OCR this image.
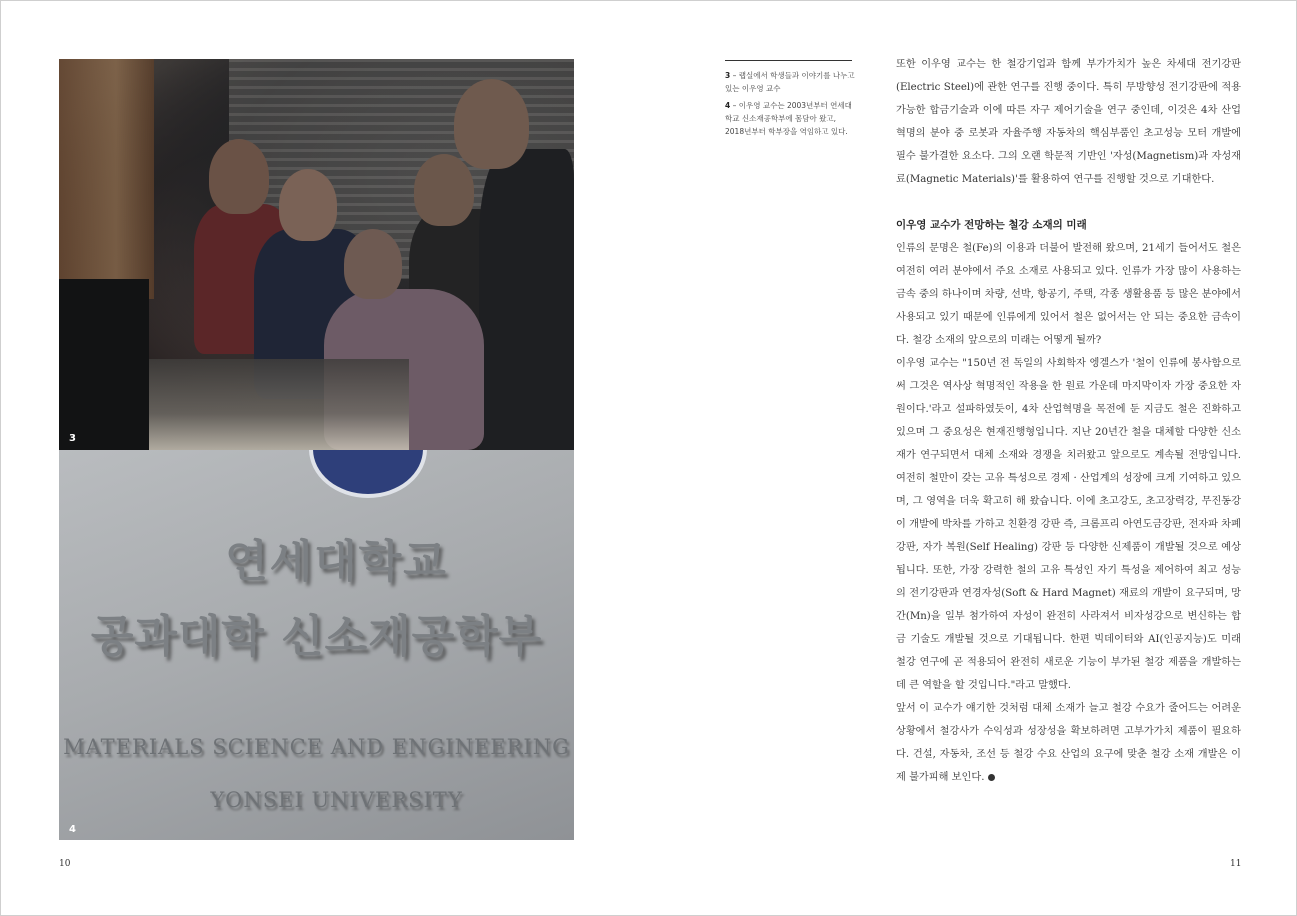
3
연세대학교
공과대학 신소재공학부
MATERIALS SCIENCE AND ENGINEERING
YONSEI UNIVERSITY
4
3 – 랩실에서 학생들과 이야기를 나누고 있는 이우영 교수
4 – 이우영 교수는 2003년부터 연세대학교 신소재공학부에 몸담아 왔고, 2018년부터 학부장을 역임하고 있다.

또한 이우영 교수는 한 철강기업과 함께 부가가치가 높은 차세대 전기강판(Electric Steel)에 관한 연구를 진행 중이다. 특히 무방향성 전기강판에 적용 가능한 합금기술과 이에 따른 자구 제어기술을 연구 중인데, 이것은 4차 산업혁명의 분야 중 로봇과 자율주행 자동차의 핵심부품인 초고성능 모터 개발에 필수 불가결한 요소다. 그의 오랜 학문적 기반인 '자성(Magnetism)과 자성재료(Magnetic Materials)'를 활용하여 연구를 진행할 것으로 기대한다.

이우영 교수가 전망하는 철강 소재의 미래

인류의 문명은 철(Fe)의 이용과 더불어 발전해 왔으며, 21세기 들어서도 철은 여전히 여러 분야에서 주요 소재로 사용되고 있다. 인류가 가장 많이 사용하는 금속 중의 하나이며 차량, 선박, 항공기, 주택, 각종 생활용품 등 많은 분야에서 사용되고 있기 때문에 인류에게 있어서 철은 없어서는 안 되는 중요한 금속이다. 철강 소재의 앞으로의 미래는 어떻게 될까?

이우영 교수는 "150년 전 독일의 사회학자 엥겔스가 '철이 인류에 봉사함으로써 그것은 역사상 혁명적인 작용을 한 원료 가운데 마지막이자 가장 중요한 자원이다.'라고 설파하였듯이, 4차 산업혁명을 목전에 둔 지금도 철은 진화하고 있으며 그 중요성은 현재진행형입니다. 지난 20년간 철을 대체할 다양한 신소재가 연구되면서 대체 소재와 경쟁을 치러왔고 앞으로도 계속될 전망입니다. 여전히 철만이 갖는 고유 특성으로 경제 · 산업계의 성장에 크게 기여하고 있으며, 그 영역을 더욱 확고히 해 왔습니다. 이에 초고강도, 초고장력강, 무진동강이 개발에 박차를 가하고 친환경 강판 즉, 크롬프리 아연도금강판, 전자파 차폐강판, 자가 복원(Self Healing) 강판 등 다양한 신제품이 개발될 것으로 예상됩니다. 또한, 가장 강력한 철의 고유 특성인 자기 특성을 제어하여 최고 성능의 전기강판과 연경자성(Soft & Hard Magnet) 재료의 개발이 요구되며, 망간(Mn)을 일부 첨가하여 자성이 완전히 사라져서 비자성강으로 변신하는 합금 기술도 개발될 것으로 기대됩니다. 한편 빅데이터와 AI(인공지능)도 미래 철강 연구에 곧 적용되어 완전히 새로운 기능이 부가된 철강 제품을 개발하는 데 큰 역할을 할 것입니다."라고 말했다.

앞서 이 교수가 얘기한 것처럼 대체 소재가 늘고 철강 수요가 줄어드는 어려운 상황에서 철강사가 수익성과 성장성을 확보하려면 고부가가치 제품이 필요하다. 건설, 자동차, 조선 등 철강 수요 산업의 요구에 맞춘 철강 소재 개발은 이제 불가피해 보인다.

10	11
